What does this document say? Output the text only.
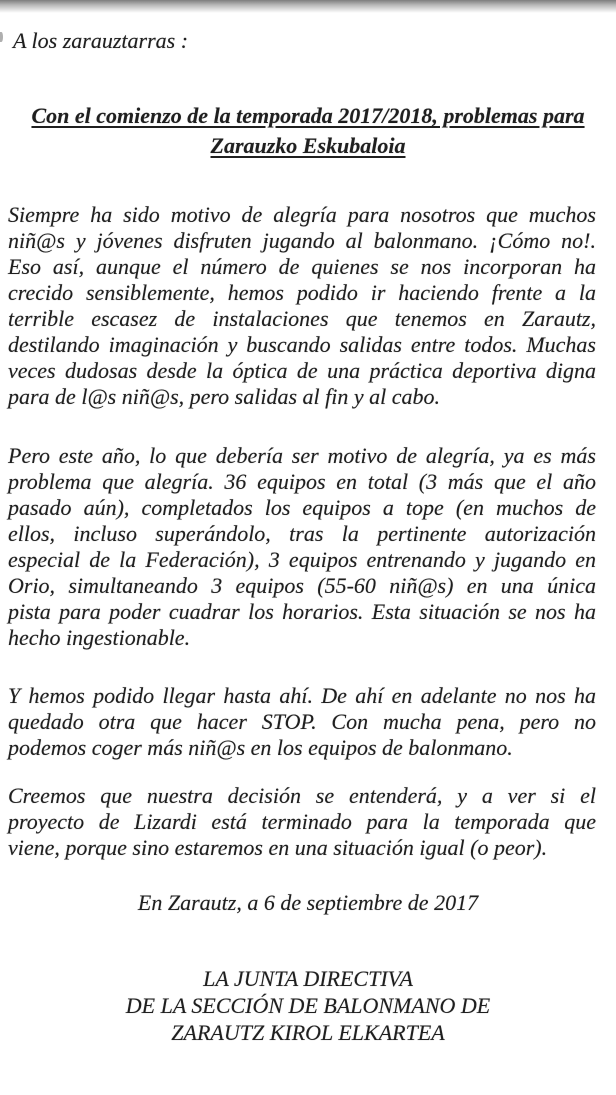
A los zarauztarras :
Con el comienzo de la temporada 2017/2018, problemas para
Zarauzko Eskubaloia
Siempre ha sido motivo de alegría para nosotros que muchos
niñ@s y jóvenes disfruten jugando al balonmano. ¡Cómo no!.
Eso así, aunque el número de quienes se nos incorporan ha
crecido sensiblemente, hemos podido ir haciendo frente a la
terrible escasez de instalaciones que tenemos en Zarautz,
destilando imaginación y buscando salidas entre todos. Muchas
veces dudosas desde la óptica de una práctica deportiva digna
para de l@s niñ@s, pero salidas al fin y al cabo.
Pero este año, lo que debería ser motivo de alegría, ya es más
problema que alegría. 36 equipos en total (3 más que el año
pasado aún), completados los equipos a tope (en muchos de
ellos, incluso superándolo, tras la pertinente autorización
especial de la Federación), 3 equipos entrenando y jugando en
Orio, simultaneando 3 equipos (55-60 niñ@s) en una única
pista para poder cuadrar los horarios. Esta situación se nos ha
hecho ingestionable.
Y hemos podido llegar hasta ahí. De ahí en adelante no nos ha
quedado otra que hacer STOP. Con mucha pena, pero no
podemos coger más niñ@s en los equipos de balonmano.
Creemos que nuestra decisión se entenderá, y a ver si el
proyecto de Lizardi está terminado para la temporada que
viene, porque sino estaremos en una situación igual (o peor).
En Zarautz, a 6 de septiembre de 2017
LA JUNTA DIRECTIVA
DE LA SECCIÓN DE BALONMANO DE
ZARAUTZ KIROL ELKARTEA
